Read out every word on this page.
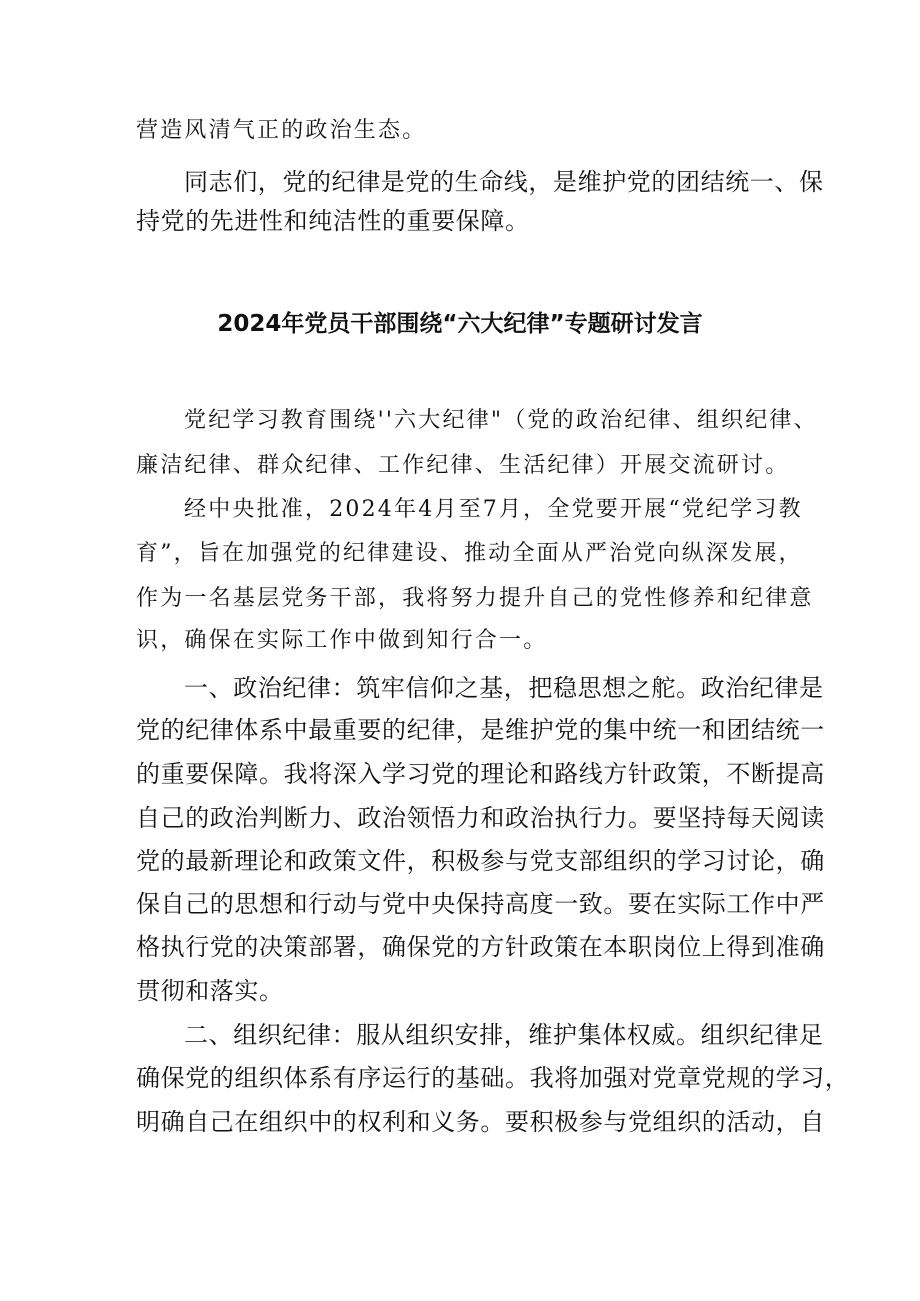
营造风清气正的政治生态。
同志们，党的纪律是党的生命线，是维护党的团结统一、保
持党的先进性和纯洁性的重要保障。
2024年党员干部围绕“六大纪律”专题研讨发言
党纪学习教育围绕''六大纪律"（党的政治纪律、组织纪律、
廉洁纪律、群众纪律、工作纪律、生活纪律）开展交流研讨。
经中央批准，2024年4月至7月，全党要开展“党纪学习教
育”，旨在加强党的纪律建设、推动全面从严治党向纵深发展，
作为一名基层党务干部，我将努力提升自己的党性修养和纪律意
识，确保在实际工作中做到知行合一。
一、政治纪律：筑牢信仰之基，把稳思想之舵。政治纪律是
党的纪律体系中最重要的纪律，是维护党的集中统一和团结统一
的重要保障。我将深入学习党的理论和路线方针政策，不断提高
自己的政治判断力、政治领悟力和政治执行力。要坚持每天阅读
党的最新理论和政策文件，积极参与党支部组织的学习讨论，确
保自己的思想和行动与党中央保持高度一致。要在实际工作中严
格执行党的决策部署，确保党的方针政策在本职岗位上得到准确
贯彻和落实。
二、组织纪律：服从组织安排，维护集体权威。组织纪律足
确保党的组织体系有序运行的基础。我将加强对党章党规的学习，
明确自己在组织中的权利和义务。要积极参与党组织的活动，自
